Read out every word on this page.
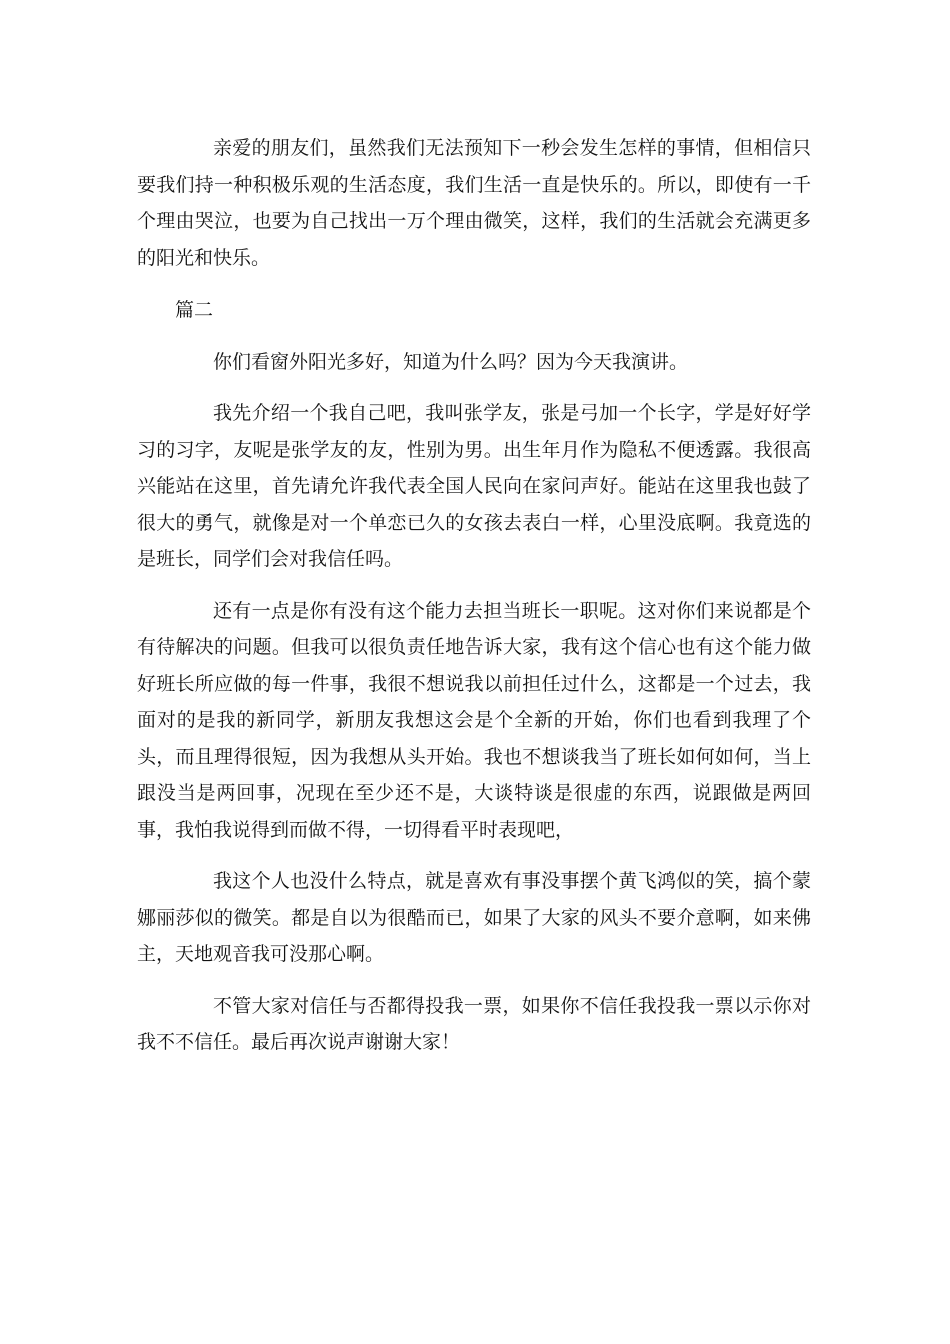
亲爱的朋友们，虽然我们无法预知下一秒会发生怎样的事情，但相信只要我们持一种积极乐观的生活态度，我们生活一直是快乐的。所以，即使有一千个理由哭泣，也要为自己找出一万个理由微笑，这样，我们的生活就会充满更多的阳光和快乐。

篇二

你们看窗外阳光多好，知道为什么吗？因为今天我演讲。

我先介绍一个我自己吧，我叫张学友，张是弓加一个长字，学是好好学习的习字，友呢是张学友的友，性别为男。出生年月作为隐私不便透露。我很高兴能站在这里，首先请允许我代表全国人民向在家问声好。能站在这里我也鼓了很大的勇气，就像是对一个单恋已久的女孩去表白一样，心里没底啊。我竟选的是班长，同学们会对我信任吗。

还有一点是你有没有这个能力去担当班长一职呢。这对你们来说都是个有待解决的问题。但我可以很负责任地告诉大家，我有这个信心也有这个能力做好班长所应做的每一件事，我很不想说我以前担任过什么，这都是一个过去，我面对的是我的新同学，新朋友我想这会是个全新的开始，你们也看到我理了个头，而且理得很短，因为我想从头开始。我也不想谈我当了班长如何如何，当上跟没当是两回事，况现在至少还不是，大谈特谈是很虚的东西，说跟做是两回事，我怕我说得到而做不得，一切得看平时表现吧，

我这个人也没什么特点，就是喜欢有事没事摆个黄飞鸿似的笑，搞个蒙娜丽莎似的微笑。都是自以为很酷而已，如果了大家的风头不要介意啊，如来佛主，天地观音我可没那心啊。

不管大家对信任与否都得投我一票，如果你不信任我投我一票以示你对我不不信任。最后再次说声谢谢大家！
